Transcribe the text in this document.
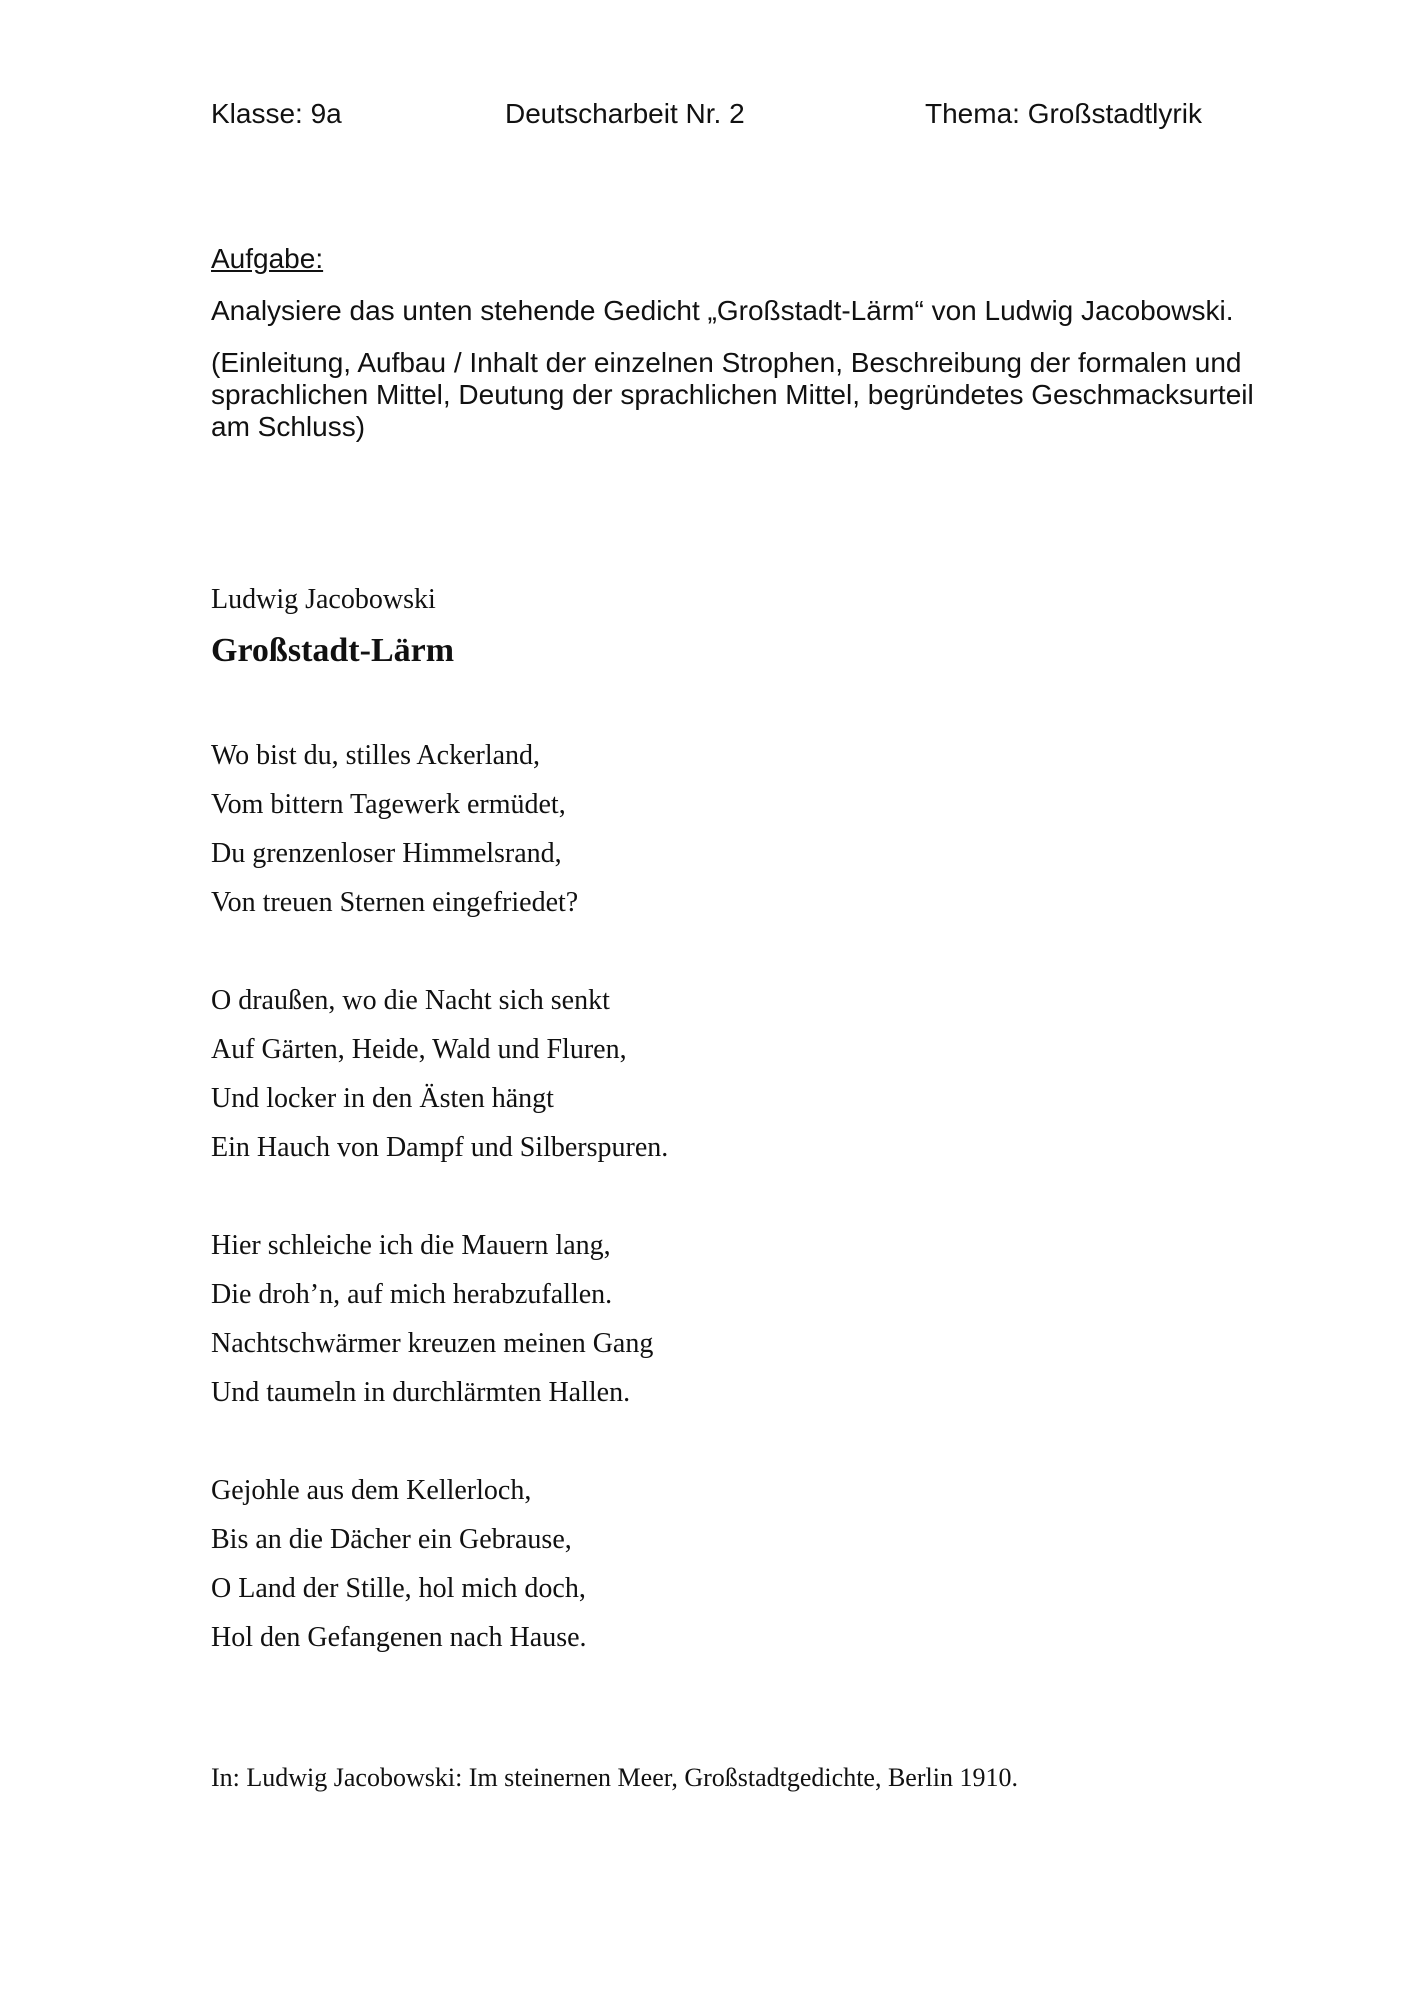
Klasse: 9a	Deutscharbeit Nr. 2	Thema: Großstadtlyrik

Aufgabe:

Analysiere das unten stehende Gedicht „Großstadt-Lärm“ von Ludwig Jacobowski.

(Einleitung, Aufbau / Inhalt der einzelnen Strophen, Beschreibung der formalen und sprachlichen Mittel, Deutung der sprachlichen Mittel, begründetes Geschmacksurteil am Schluss)

Ludwig Jacobowski
Großstadt-Lärm
Wo bist du, stilles Ackerland,
Vom bittern Tagewerk ermüdet,
Du grenzenloser Himmelsrand,
Von treuen Sternen eingefriedet?
O draußen, wo die Nacht sich senkt
Auf Gärten, Heide, Wald und Fluren,
Und locker in den Ästen hängt
Ein Hauch von Dampf und Silberspuren.
Hier schleiche ich die Mauern lang,
Die droh’n, auf mich herabzufallen.
Nachtschwärmer kreuzen meinen Gang
Und taumeln in durchlärmten Hallen.
Gejohle aus dem Kellerloch,
Bis an die Dächer ein Gebrause,
O Land der Stille, hol mich doch,
Hol den Gefangenen nach Hause.
In: Ludwig Jacobowski: Im steinernen Meer, Großstadtgedichte, Berlin 1910.
